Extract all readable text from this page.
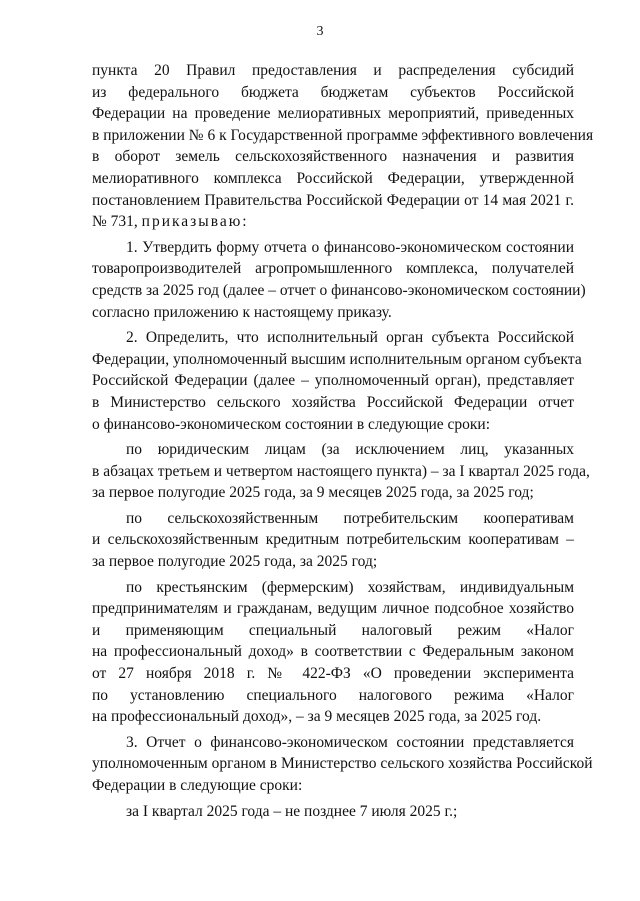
3
пункта 20 Правил предоставления и распределения субсидий
из федерального бюджета бюджетам субъектов Российской
Федерации на проведение мелиоративных мероприятий, приведенных
в приложении № 6 к Государственной программе эффективного вовлечения
в оборот земель сельскохозяйственного назначения и развития
мелиоративного комплекса Российской Федерации, утвержденной
постановлением Правительства Российской Федерации от 14 мая 2021 г.
№ 731, приказываю:
1. Утвердить форму отчета о финансово-экономическом состоянии
товаропроизводителей агропромышленного комплекса, получателей
средств за 2025 год (далее – отчет о финансово-экономическом состоянии)
согласно приложению к настоящему приказу.
2. Определить, что исполнительный орган субъекта Российской
Федерации, уполномоченный высшим исполнительным органом субъекта
Российской Федерации (далее – уполномоченный орган), представляет
в Министерство сельского хозяйства Российской Федерации отчет
о финансово-экономическом состоянии в следующие сроки:
по юридическим лицам (за исключением лиц, указанных
в абзацах третьем и четвертом настоящего пункта) – за I квартал 2025 года,
за первое полугодие 2025 года, за 9 месяцев 2025 года, за 2025 год;
по сельскохозяйственным потребительским кооперативам
и сельскохозяйственным кредитным потребительским кооперативам –
за первое полугодие 2025 года, за 2025 год;
по крестьянским (фермерским) хозяйствам, индивидуальным
предпринимателям и гражданам, ведущим личное подсобное хозяйство
и применяющим специальный налоговый режим «Налог
на профессиональный доход» в соответствии с Федеральным законом
от 27 ноября 2018 г. № 422-ФЗ «О проведении эксперимента
по установлению специального налогового режима «Налог
на профессиональный доход», – за 9 месяцев 2025 года, за 2025 год.
3. Отчет о финансово-экономическом состоянии представляется
уполномоченным органом в Министерство сельского хозяйства Российской
Федерации в следующие сроки:
за I квартал 2025 года – не позднее 7 июля 2025 г.;
